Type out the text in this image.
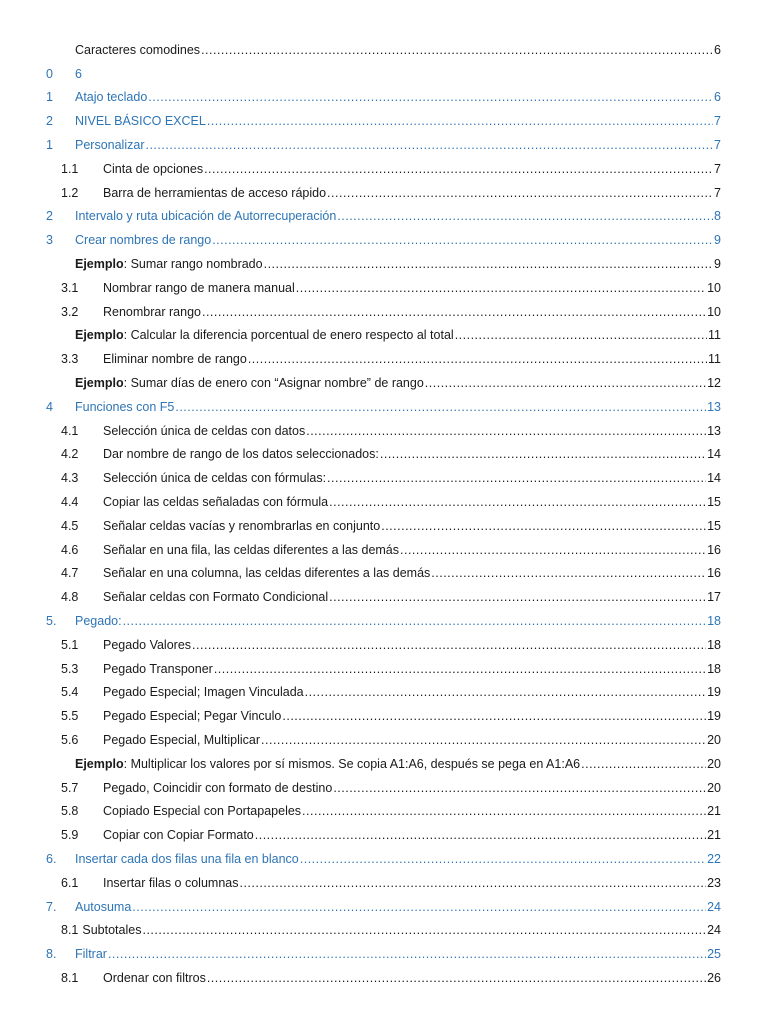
Caracteres comodines .....	6
0	6
1	Atajo teclado .....	6
2	NIVEL BÁSICO EXCEL .....	7
1	Personalizar .....	7
1.1	Cinta de opciones .....	7
1.2	Barra de herramientas de acceso rápido .....	7
2	Intervalo y ruta ubicación de Autorrecuperación .....	8
3	Crear nombres de rango .....	9
Ejemplo: Sumar rango nombrado .....	9
3.1	Nombrar rango de manera manual .....	10
3.2	Renombrar rango .....	10
Ejemplo: Calcular la diferencia porcentual de enero respecto al total .....	11
3.3	Eliminar nombre de rango .....	11
Ejemplo: Sumar días de enero con “Asignar nombre” de rango .....	12
4	Funciones con F5 .....	13
4.1	Selección única de celdas con datos .....	13
4.2	Dar nombre de rango de los datos seleccionados: .....	14
4.3	Selección única de celdas con fórmulas: .....	14
4.4	Copiar las celdas señaladas con fórmula .....	15
4.5	Señalar celdas vacías y renombrarlas en conjunto .....	15
4.6	Señalar en una fila, las celdas diferentes a las demás .....	16
4.7	Señalar en una columna, las celdas diferentes a las demás .....	16
4.8	Señalar celdas con Formato Condicional .....	17
5.	Pegado: .....	18
5.1	Pegado Valores .....	18
5.3	Pegado Transponer .....	18
5.4	Pegado Especial; Imagen Vinculada .....	19
5.5	Pegado Especial; Pegar Vinculo .....	19
5.6	Pegado Especial, Multiplicar .....	20
Ejemplo: Multiplicar los valores por sí mismos. Se copia A1:A6, después se pega en A1:A6 .....	20
5.7	Pegado, Coincidir con formato de destino .....	20
5.8	Copiado Especial con Portapapeles .....	21
5.9	Copiar con Copiar Formato .....	21
6.	Insertar cada dos filas una fila en blanco .....	22
6.1	Insertar filas o columnas .....	23
7.	Autosuma .....	24
8.1 Subtotales .....	24
8.	Filtrar .....	25
8.1	Ordenar con filtros .....	26
